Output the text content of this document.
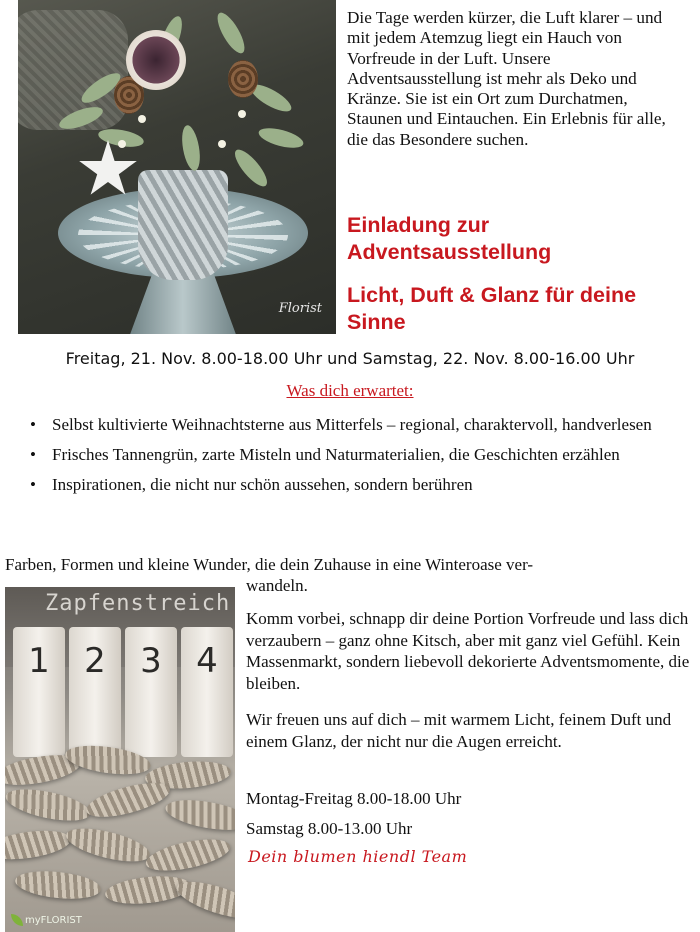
Florist

Die Tage werden kürzer, die Luft klarer – und mit jedem Atemzug liegt ein Hauch von Vorfreude in der Luft. Unsere Adventsausstellung ist mehr als Deko und Kränze. Sie ist ein Ort zum Durchatmen, Staunen und Eintauchen. Ein Erlebnis für alle, die das Besondere suchen.

Einladung zur Adventsausstellung
Licht, Duft & Glanz für deine Sinne

Freitag, 21. Nov. 8.00-18.00 Uhr und Samstag, 22. Nov. 8.00-16.00 Uhr

Was dich erwartet:

• Selbst kultivierte Weihnachtsterne aus Mitterfels – regional, charaktervoll, handverlesen
• Frisches Tannengrün, zarte Misteln und Naturmaterialien, die Geschichten erzählen
• Inspirationen, die nicht nur schön aussehen, sondern berühren

Farben, Formen und kleine Wunder, die dein Zuhause in eine Winteroase ver-

wandeln.

Zapfenstreich
1	2	3	4
myFLORIST

Komm vorbei, schnapp dir deine Portion Vorfreude und lass dich verzaubern – ganz ohne Kitsch, aber mit ganz viel Gefühl. Kein Massenmarkt, sondern liebevoll dekorierte Adventsmomente, die bleiben.

Wir freuen uns auf dich – mit warmem Licht, feinem Duft und einem Glanz, der nicht nur die Augen erreicht.

Montag-Freitag 8.00-18.00 Uhr

Samstag 8.00-13.00 Uhr

Dein blumen hiendl Team
